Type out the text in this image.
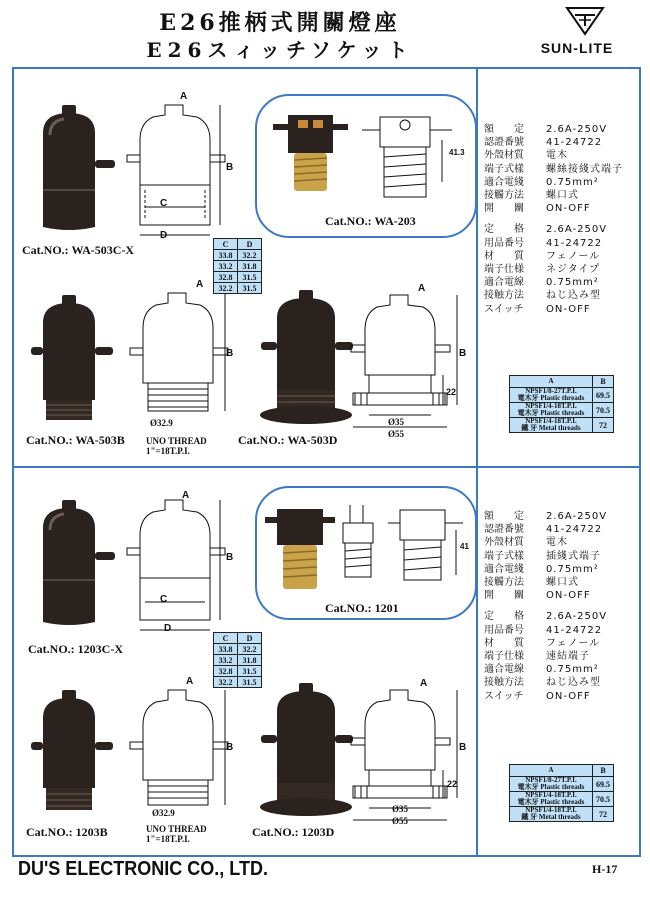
E26推柄式開關燈座
E26スィッチソケット	SUN-LITE
A
B
C
D
Cat.NO.: WA-503C-X	C	D
33.8	32.2
33.2	31.8
32.8	31.5
32.2	31.5
41.3
Cat.NO.: WA-203
A
B
Ø32.9
UNO THREAD
1"=18T.P.I.
Cat.NO.: WA-503B
A
B
22
Ø35
Ø55
Cat.NO.: WA-503D
額　　定	2.6A-250V
認證番號	41-24722
外殼材質	電木
端子式樣	螺絲接綫式端子
適合電綫	0.75mm²
接觸方法	螺口式
開　　關	ON-OFF
定　　格	2.6A-250V
用品番号	41-24722
材　　質	フェノール
端子仕様	ネジタイプ
適合電線	0.75mm²
接触方法	ねじ込み型
スイッチ	ON-OFF
A	B

NPSF1/8-27T.P.I.
電木牙 Plastic threads	69.5

NPSF1/4-18T.P.I.
電木牙 Plastic threads	70.5

NPSF1/4-18T.P.I.
鐵 牙 Metal threads	72
A
B
C
D
Cat.NO.: 1203C-X
C	D
33.8	32.2
33.2	31.8
32.8	31.5
32.2	31.5
41
Cat.NO.: 1201
A
B
Ø32.9
UNO THREAD
1"=18T.P.I.
Cat.NO.: 1203B
A
B
22
Ø35
Ø55
Cat.NO.: 1203D
額　　定	2.6A-250V
認證番號	41-24722
外殼材質	電木
端子式樣	插綫式端子
適合電綫	0.75mm²
接觸方法	螺口式
開　　關	ON-OFF
定　　格	2.6A-250V
用品番号	41-24722
材　　質	フェノール
端子仕様	速結端子
適合電線	0.75mm²
接触方法	ねじ込み型
スイッチ	ON-OFF
A	B

NPSF1/8-27T.P.I.
電木牙 Plastic threads	69.5

NPSF1/4-18T.P.I.
電木牙 Plastic threads	70.5

NPSF1/4-18T.P.I.
鐵 牙 Metal threads	72
DU'S ELECTRONIC CO., LTD.	H-17
